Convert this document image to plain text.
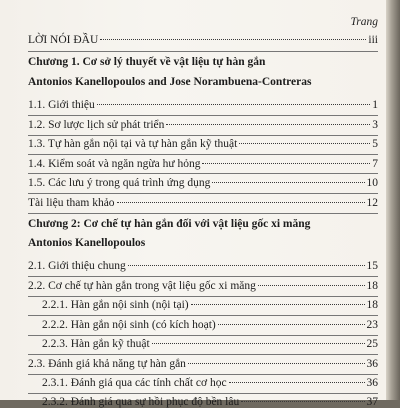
Trang
LỜI NÓI ĐẦU	iii
Chương 1. Cơ sở lý thuyết về vật liệu tự hàn gắn
Antonios Kanellopoulos and Jose Norambuena-Contreras
1.1. Giới thiệu	1
1.2. Sơ lược lịch sử phát triển	3
1.3. Tự hàn gắn nội tại và tự hàn gắn kỹ thuật	5
1.4. Kiểm soát và ngăn ngừa hư hỏng	7
1.5. Các lưu ý trong quá trình ứng dụng	10
Tài liệu tham khảo	12
Chương 2: Cơ chế tự hàn gắn đối với vật liệu gốc xi măng
Antonios Kanellopoulos
2.1. Giới thiệu chung	15
2.2. Cơ chế tự hàn gắn trong vật liệu gốc xi măng	18
2.2.1. Hàn gắn nội sinh (nội tại)	18
2.2.2. Hàn gắn nội sinh (có kích hoạt)	23
2.2.3. Hàn gắn kỹ thuật	25
2.3. Đánh giá khả năng tự hàn gắn	36
2.3.1. Đánh giá qua các tính chất cơ học	36
2.3.2. Đánh giá qua sự hồi phục độ bền lâu	37
